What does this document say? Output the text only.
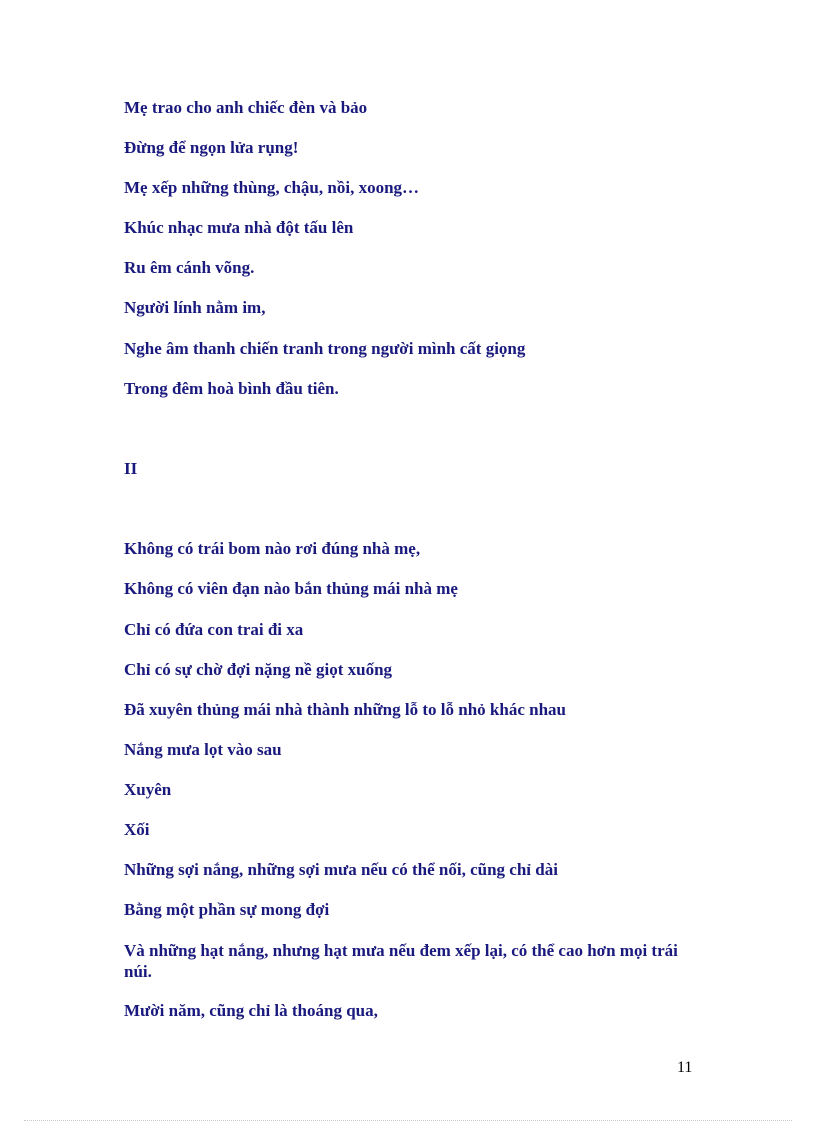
Mẹ trao cho anh chiếc đèn và bảo
Đừng để ngọn lửa rụng!
Mẹ xếp những thùng, chậu, nồi, xoong…
Khúc nhạc mưa nhà đột tấu lên
Ru êm cánh võng.
Người lính nằm im,
Nghe âm thanh chiến tranh trong người mình cất giọng
Trong đêm hoà bình đầu tiên.
II
Không có trái bom nào rơi đúng nhà mẹ,
Không có viên đạn nào bắn thủng mái nhà mẹ
Chỉ có đứa con trai đi xa
Chỉ có sự chờ đợi nặng nề giọt xuống
Đã xuyên thủng mái nhà thành những lỗ to lỗ nhỏ khác nhau
Nắng mưa lọt vào sau
Xuyên
Xối
Những sợi nắng, những sợi mưa nếu có thể nối, cũng chỉ dài
Bằng một phần sự mong đợi
Và những hạt nắng, nhưng hạt mưa nếu đem xếp lại, có thể cao hơn mọi trái núi.
Mười năm, cũng chỉ là thoáng qua,
11
